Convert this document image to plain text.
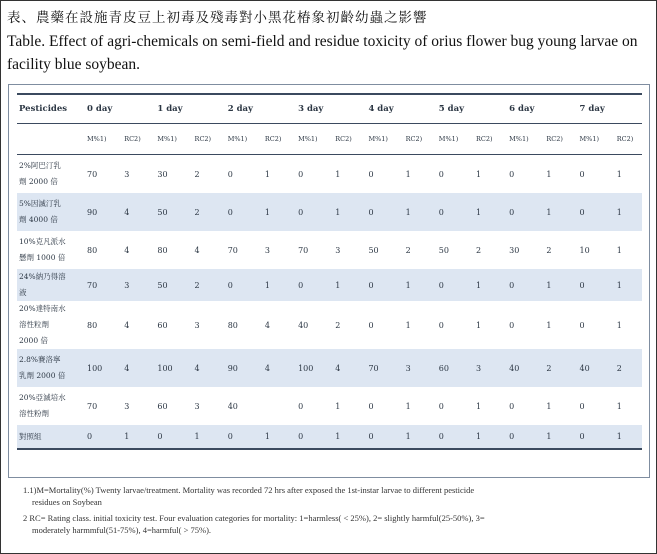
表、農藥在設施青皮豆上初毒及殘毒對小黑花椿象初齡幼蟲之影響
Table. Effect of agri-chemicals on semi-field and residue toxicity of orius flower bug young larvae on facility blue soybean.
Pesticides	0 day		1 day		2 day		3 day		4 day		5 day		6 day		7 day	
	M%1)	RC2)	M%1)	RC2)	M%1)	RC2)	M%1)	RC2)	M%1)	RC2)	M%1)	RC2)	M%1)	RC2)	M%1)	RC2)

2%阿巴汀乳
劑 2000 倍	70	3	30	2	0	1	0	1	0	1	0	1	0	1	0	1

5%因滅汀乳
劑 4000 倍	90	4	50	2	0	1	0	1	0	1	0	1	0	1	0	1

10%克凡派水
懸劑 1000 倍	80	4	80	4	70	3	70	3	50	2	50	2	30	2	10	1

24%納乃得溶
液	70	3	50	2	0	1	0	1	0	1	0	1	0	1	0	1

20%達特南水
溶性粒劑
2000 倍	80	4	60	3	80	4	40	2	0	1	0	1	0	1	0	1

2.8%賽洛寧
乳劑 2000 倍	100	4	100	4	90	4	100	4	70	3	60	3	40	2	40	2

20%亞滅培水
溶性粉劑	70	3	60	3	40		0	1	0	1	0	1	0	1	0	1

對照組	0	1	0	1	0	1	0	1	0	1	0	1	0	1	0	1
1.1)M=Mortality(%) Twenty larvae/treatment. Mortality was recorded 72 hrs after exposed the 1st-instar larvae to different pesticide
residues on Soybean
2 RC= Rating class. initial toxicity test. Four evaluation categories for mortality: 1=harmless( < 25%), 2= slightly harmful(25-50%), 3=
moderately harmmful(51-75%), 4=harmful( > 75%).
